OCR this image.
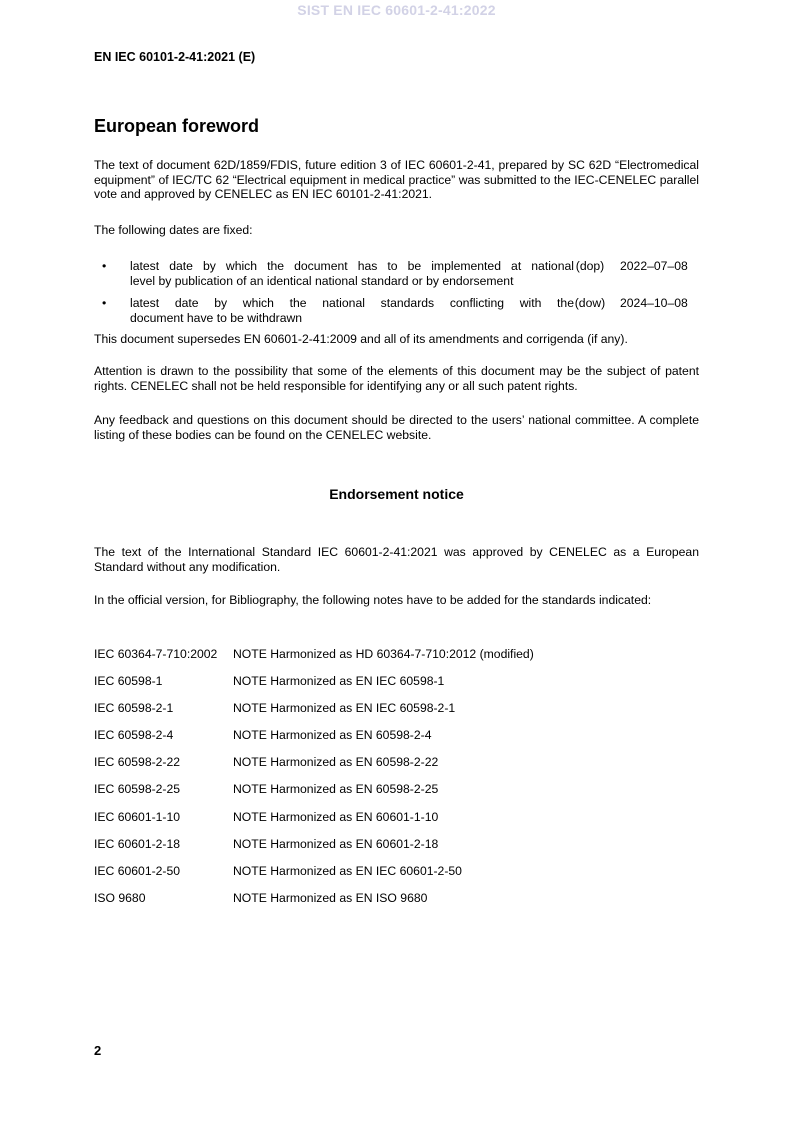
SIST EN IEC 60601-2-41:2022
EN IEC 60101-2-41:2021 (E)
European foreword

The text of document 62D/1859/FDIS, future edition 3 of IEC 60601-2-41, prepared by SC 62D “Electromedical equipment” of IEC/TC 62 “Electrical equipment in medical practice” was submitted to the IEC-CENELEC parallel vote and approved by CENELEC as EN IEC 60101-2-41:2021.

The following dates are fixed:

• latest date by which the document has to be implemented at national
level by publication of an identical national standard or by endorsement
(dop)	2022–07–08
• latest date by which the national standards conflicting with the
document have to be withdrawn
(dow) 2024–10–08

This document supersedes EN 60601-2-41:2009 and all of its amendments and corrigenda (if any).

Attention is drawn to the possibility that some of the elements of this document may be the subject of patent rights. CENELEC shall not be held responsible for identifying any or all such patent rights.

Any feedback and questions on this document should be directed to the users’ national committee. A complete listing of these bodies can be found on the CENELEC website.

Endorsement notice

The text of the International Standard IEC 60601-2-41:2021 was approved by CENELEC as a European Standard without any modification.

In the official version, for Bibliography, the following notes have to be added for the standards indicated:

IEC 60364-7-710:2002 NOTE Harmonized as HD 60364-7-710:2012 (modified)
IEC 60598-1	NOTE Harmonized as EN IEC 60598-1
IEC 60598-2-1	NOTE Harmonized as EN IEC 60598-2-1
IEC 60598-2-4	NOTE Harmonized as EN 60598-2-4
IEC 60598-2-22	NOTE Harmonized as EN 60598-2-22
IEC 60598-2-25	NOTE Harmonized as EN 60598-2-25
IEC 60601-1-10	NOTE Harmonized as EN 60601-1-10
IEC 60601-2-18	NOTE Harmonized as EN 60601-2-18
IEC 60601-2-50	NOTE Harmonized as EN IEC 60601-2-50
ISO 9680	NOTE Harmonized as EN ISO 9680
2
